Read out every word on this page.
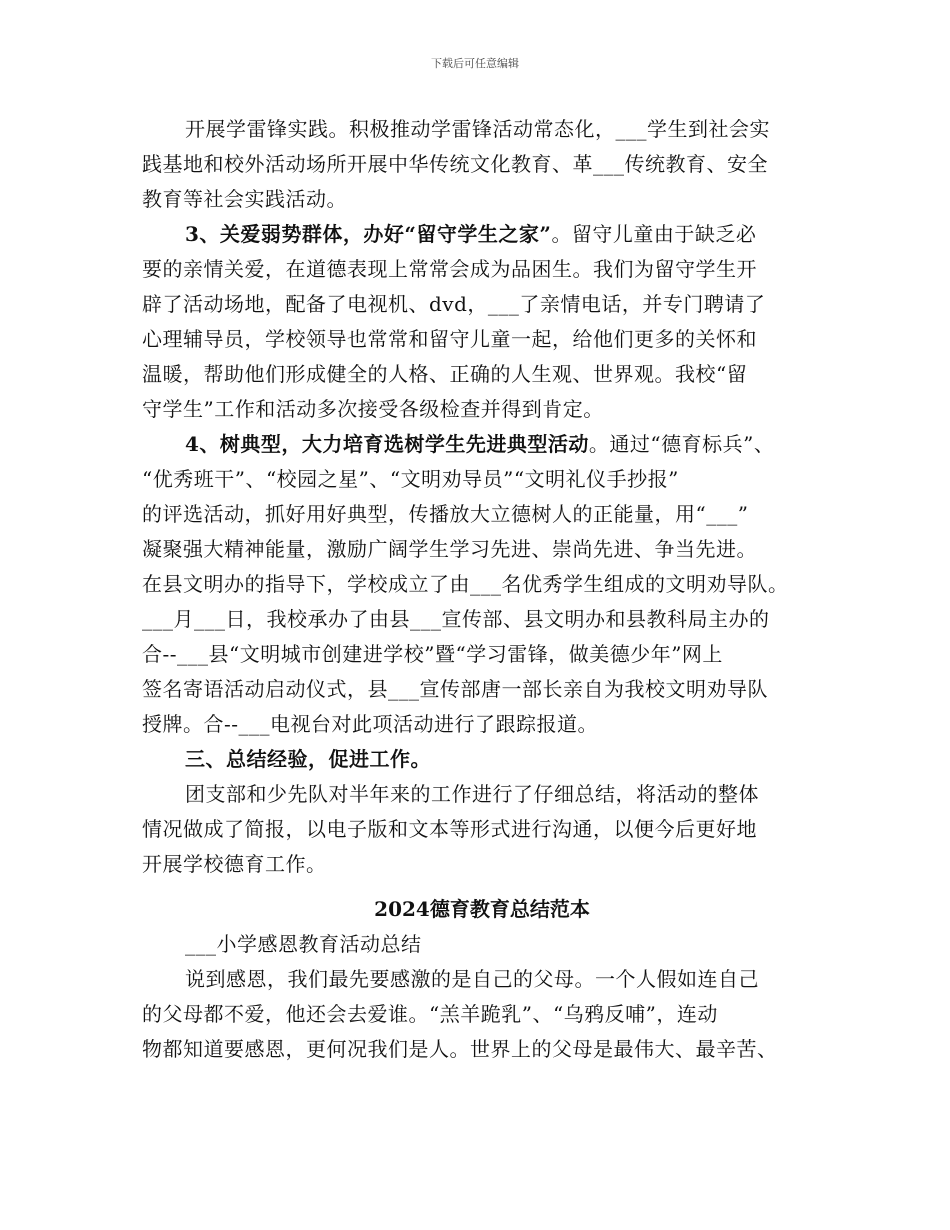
下载后可任意编辑
开展学雷锋实践。积极推动学雷锋活动常态化，___学生到社会实
践基地和校外活动场所开展中华传统文化教育、革___传统教育、安全
教育等社会实践活动。
3、关爱弱势群体，办好“留守学生之家”。留守儿童由于缺乏必
要的亲情关爱，在道德表现上常常会成为品困生。我们为留守学生开
辟了活动场地，配备了电视机、dvd，___了亲情电话，并专门聘请了
心理辅导员，学校领导也常常和留守儿童一起，给他们更多的关怀和
温暖，帮助他们形成健全的人格、正确的人生观、世界观。我校“留
守学生”工作和活动多次接受各级检查并得到肯定。
4、树典型，大力培育选树学生先进典型活动。通过“德育标兵”、
“优秀班干”、“校园之星”、“文明劝导员”“文明礼仪手抄报”
的评选活动，抓好用好典型，传播放大立德树人的正能量，用“___”
凝聚强大精神能量，激励广阔学生学习先进、崇尚先进、争当先进。
在县文明办的指导下，学校成立了由___名优秀学生组成的文明劝导队。
___月___日，我校承办了由县___宣传部、县文明办和县教科局主办的
合--___县“文明城市创建进学校”暨“学习雷锋，做美德少年”网上
签名寄语活动启动仪式，县___宣传部唐一部长亲自为我校文明劝导队
授牌。合--___电视台对此项活动进行了跟踪报道。
三、总结经验，促进工作。
团支部和少先队对半年来的工作进行了仔细总结，将活动的整体
情况做成了简报，以电子版和文本等形式进行沟通，以便今后更好地
开展学校德育工作。
2024德育教育总结范本
___小学感恩教育活动总结
说到感恩，我们最先要感激的是自己的父母。一个人假如连自己
的父母都不爱，他还会去爱谁。“羔羊跪乳”、“乌鸦反哺”，连动
物都知道要感恩，更何况我们是人。世界上的父母是最伟大、最辛苦、
